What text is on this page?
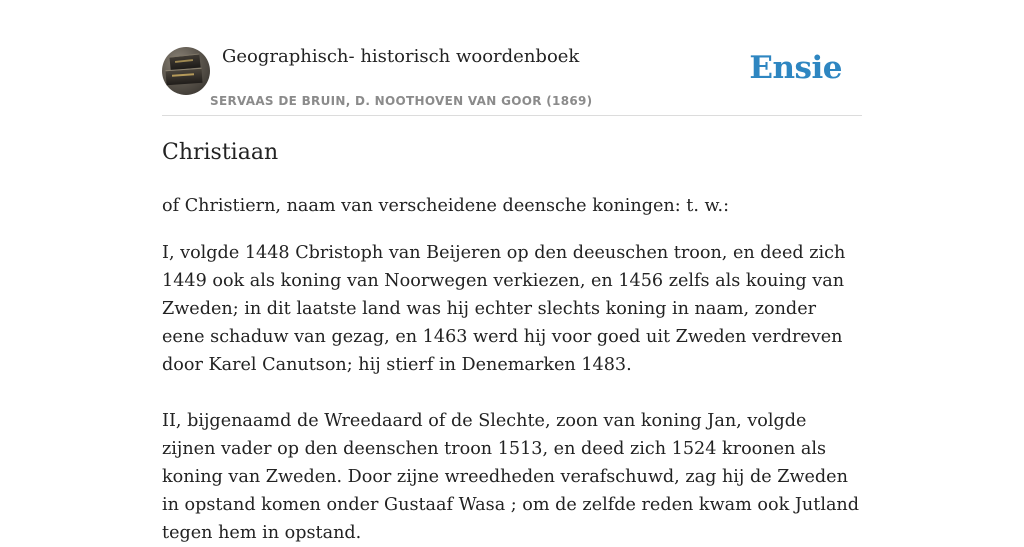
Geographisch- historisch woordenboek
SERVAAS DE BRUIN, D. NOOTHOVEN VAN GOOR (1869)
Ensie
Christiaan

of Christiern, naam van verscheidene deensche koningen: t. w.:

I, volgde 1448 Cbristoph van Beijeren op den deeuschen troon, en deed zich 1449 ook als koning van Noorwegen verkiezen, en 1456 zelfs als kouing van Zweden; in dit laatste land was hij echter slechts koning in naam, zonder eene schaduw van gezag, en 1463 werd hij voor goed uit Zweden verdreven door Karel Canutson; hij stierf in Denemarken 1483.

II, bijgenaamd de Wreedaard of de Slechte, zoon van koning Jan, volgde zijnen vader op den deenschen troon 1513, en deed zich 1524 kroonen als koning van Zweden. Door zijne wreedheden verafschuwd, zag hij de Zweden in opstand komen onder Gustaaf Wasa ; om de zelfde reden kwam ook Jutland tegen hem in opstand.
